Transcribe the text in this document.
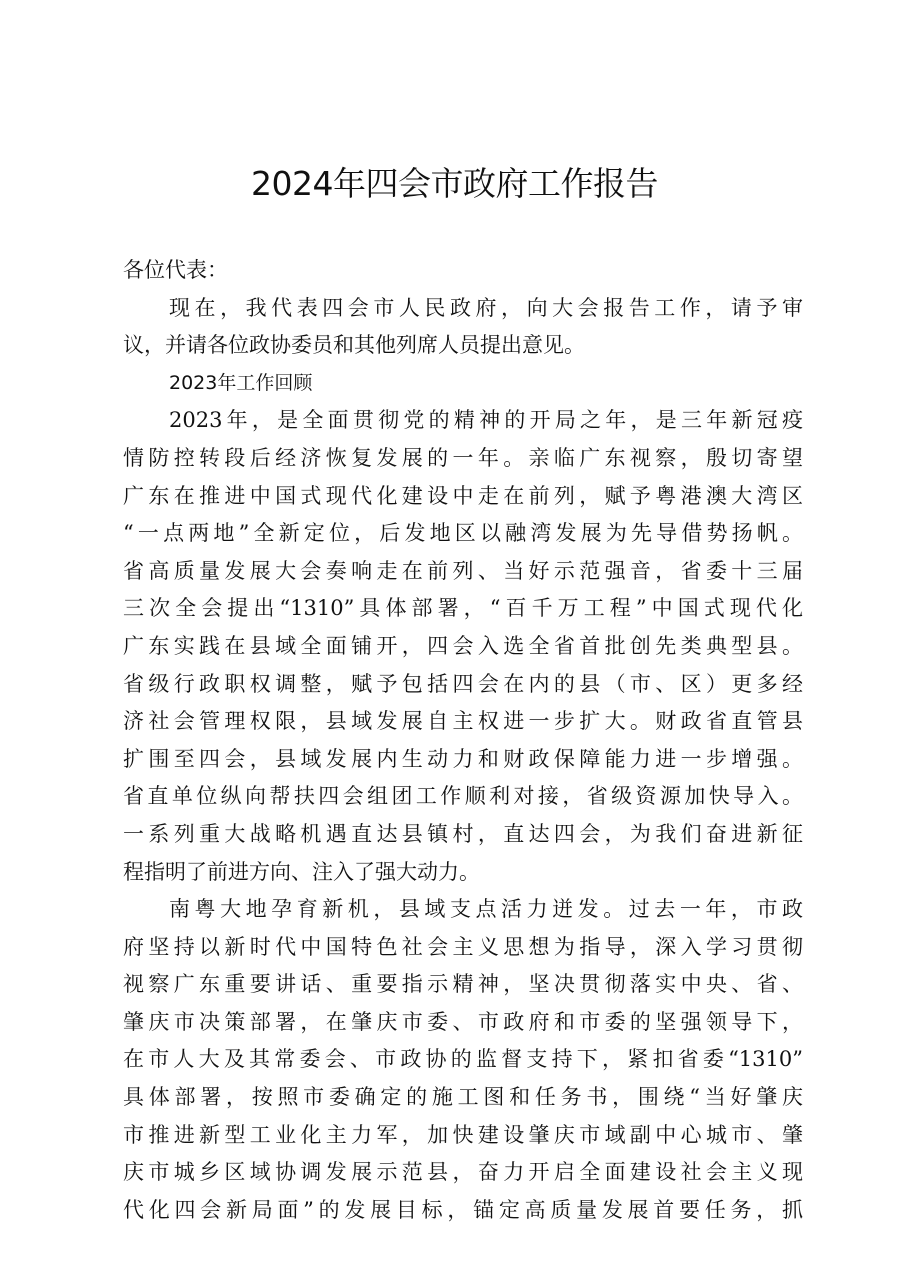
2024年四会市政府工作报告
各位代表：
现在，我代表四会市人民政府，向大会报告工作，请予审
议，并请各位政协委员和其他列席人员提出意见。
2023年工作回顾
2023年，是全面贯彻党的精神的开局之年，是三年新冠疫
情防控转段后经济恢复发展的一年。亲临广东视察，殷切寄望
广东在推进中国式现代化建设中走在前列，赋予粤港澳大湾区
“一点两地”全新定位，后发地区以融湾发展为先导借势扬帆。
省高质量发展大会奏响走在前列、当好示范强音，省委十三届
三次全会提出“1310”具体部署，“百千万工程”中国式现代化
广东实践在县域全面铺开，四会入选全省首批创先类典型县。
省级行政职权调整，赋予包括四会在内的县（市、区）更多经
济社会管理权限，县域发展自主权进一步扩大。财政省直管县
扩围至四会，县域发展内生动力和财政保障能力进一步增强。
省直单位纵向帮扶四会组团工作顺利对接，省级资源加快导入。
一系列重大战略机遇直达县镇村，直达四会，为我们奋进新征
程指明了前进方向、注入了强大动力。
南粤大地孕育新机，县域支点活力迸发。过去一年，市政
府坚持以新时代中国特色社会主义思想为指导，深入学习贯彻
视察广东重要讲话、重要指示精神，坚决贯彻落实中央、省、
肇庆市决策部署，在肇庆市委、市政府和市委的坚强领导下，
在市人大及其常委会、市政协的监督支持下，紧扣省委“1310”
具体部署，按照市委确定的施工图和任务书，围绕“当好肇庆
市推进新型工业化主力军，加快建设肇庆市域副中心城市、肇
庆市城乡区域协调发展示范县，奋力开启全面建设社会主义现
代化四会新局面”的发展目标，锚定高质量发展首要任务，抓
